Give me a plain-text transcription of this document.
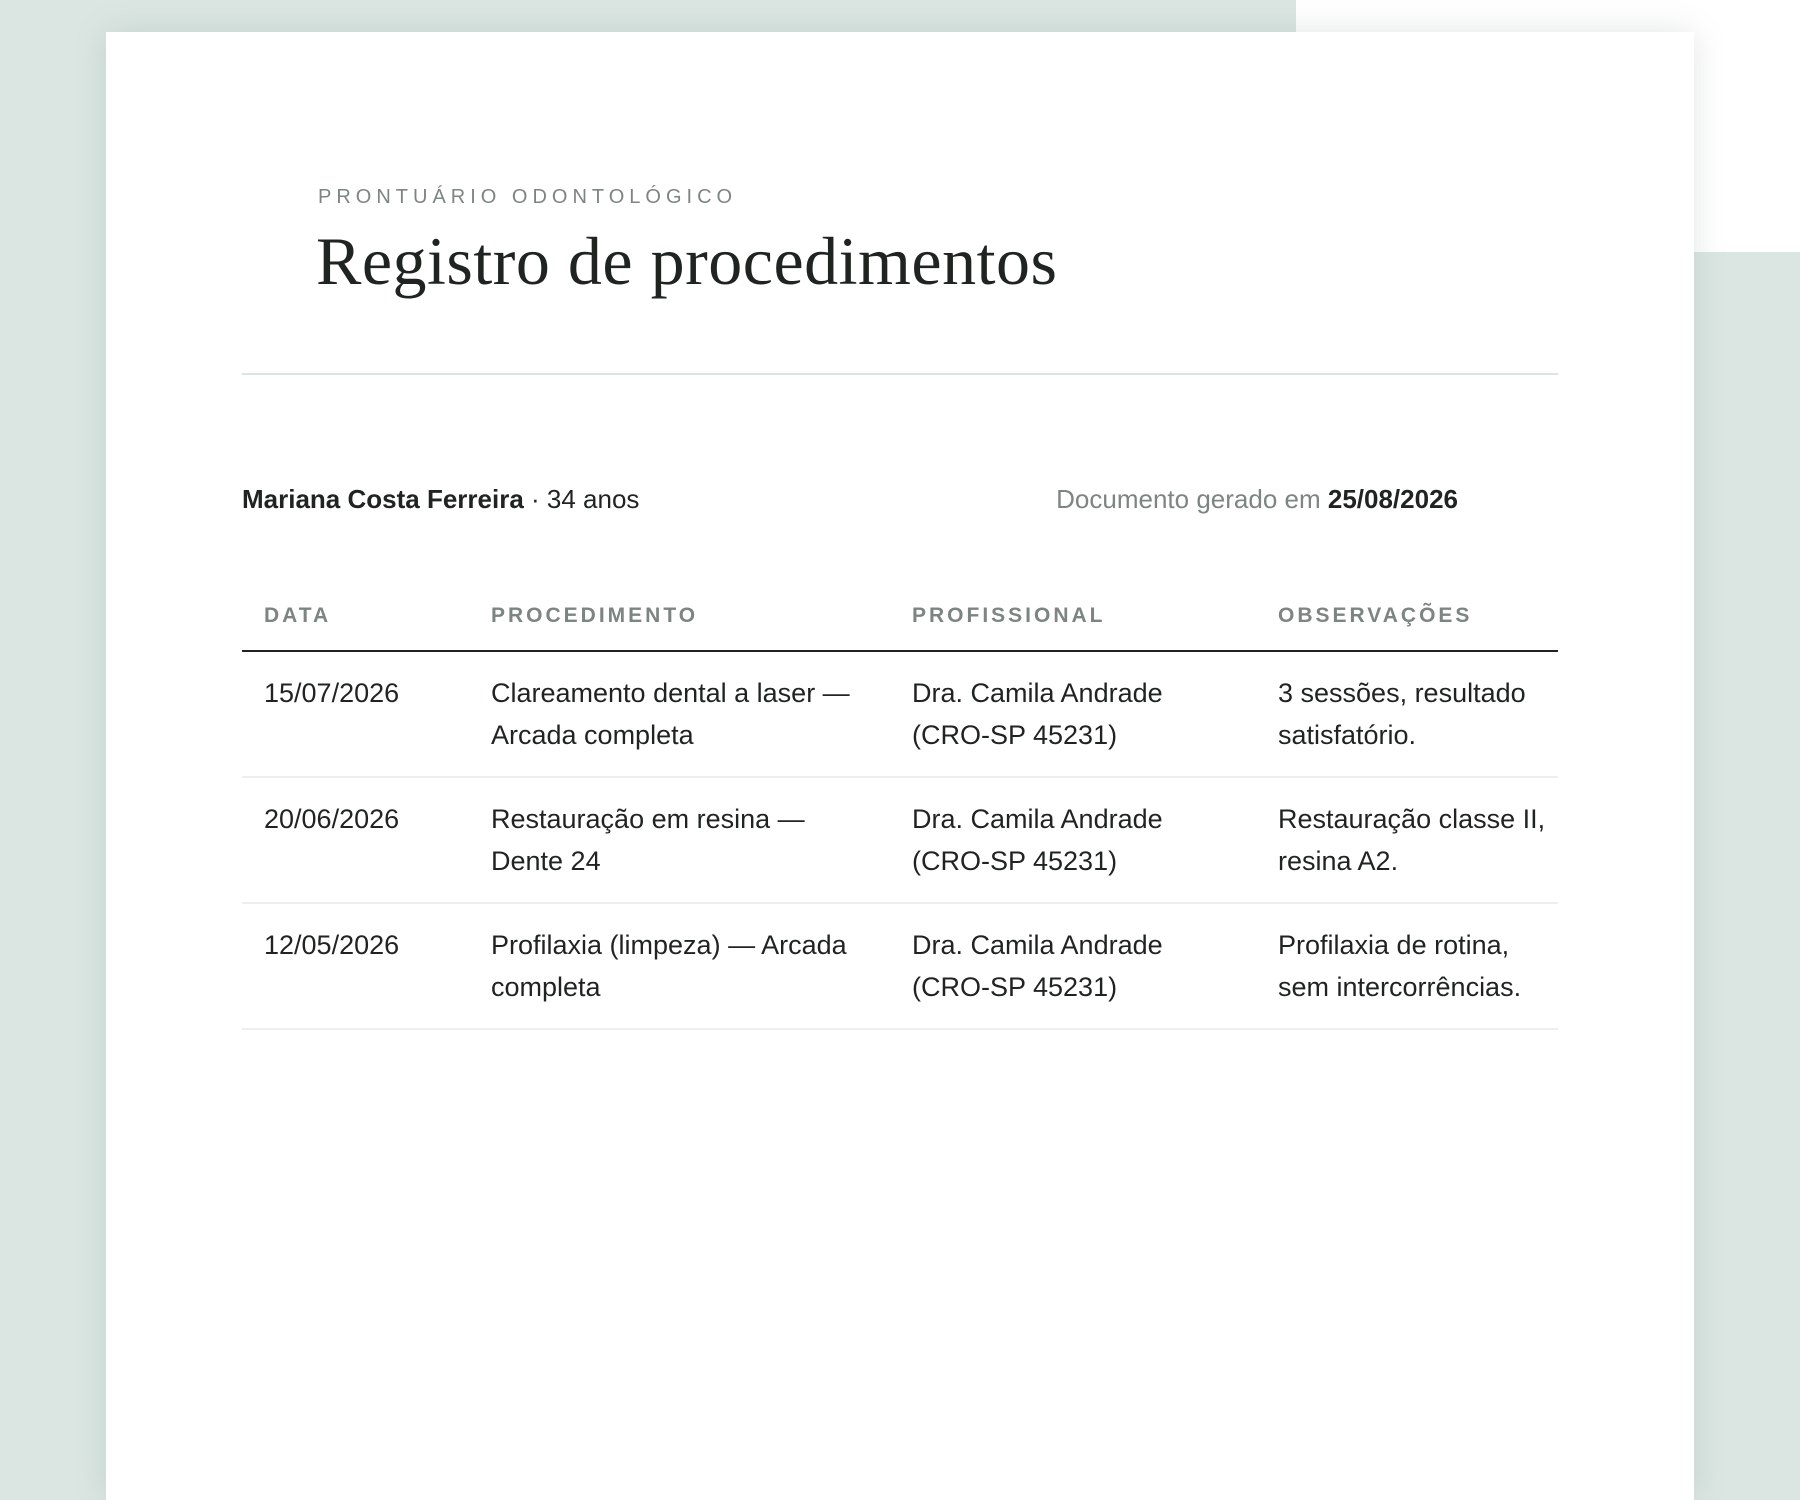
PRONTUÁRIO ODONTOLÓGICO

Registro de procedimentos
Mariana Costa Ferreira · 34 anos	Documento gerado em 25/08/2026
DATA	PROCEDIMENTO	PROFISSIONAL	OBSERVAÇÕES
15/07/2026	Clareamento dental a laser — Arcada completa	Dra. Camila Andrade (CRO-SP 45231)	3 sessões, resultado satisfatório.
20/06/2026	Restauração em resina — Dente 24	Dra. Camila Andrade (CRO-SP 45231)	Restauração classe II, resina A2.
12/05/2026	Profilaxia (limpeza) — Arcada completa	Dra. Camila Andrade (CRO-SP 45231)	Profilaxia de rotina, sem intercorrências.
